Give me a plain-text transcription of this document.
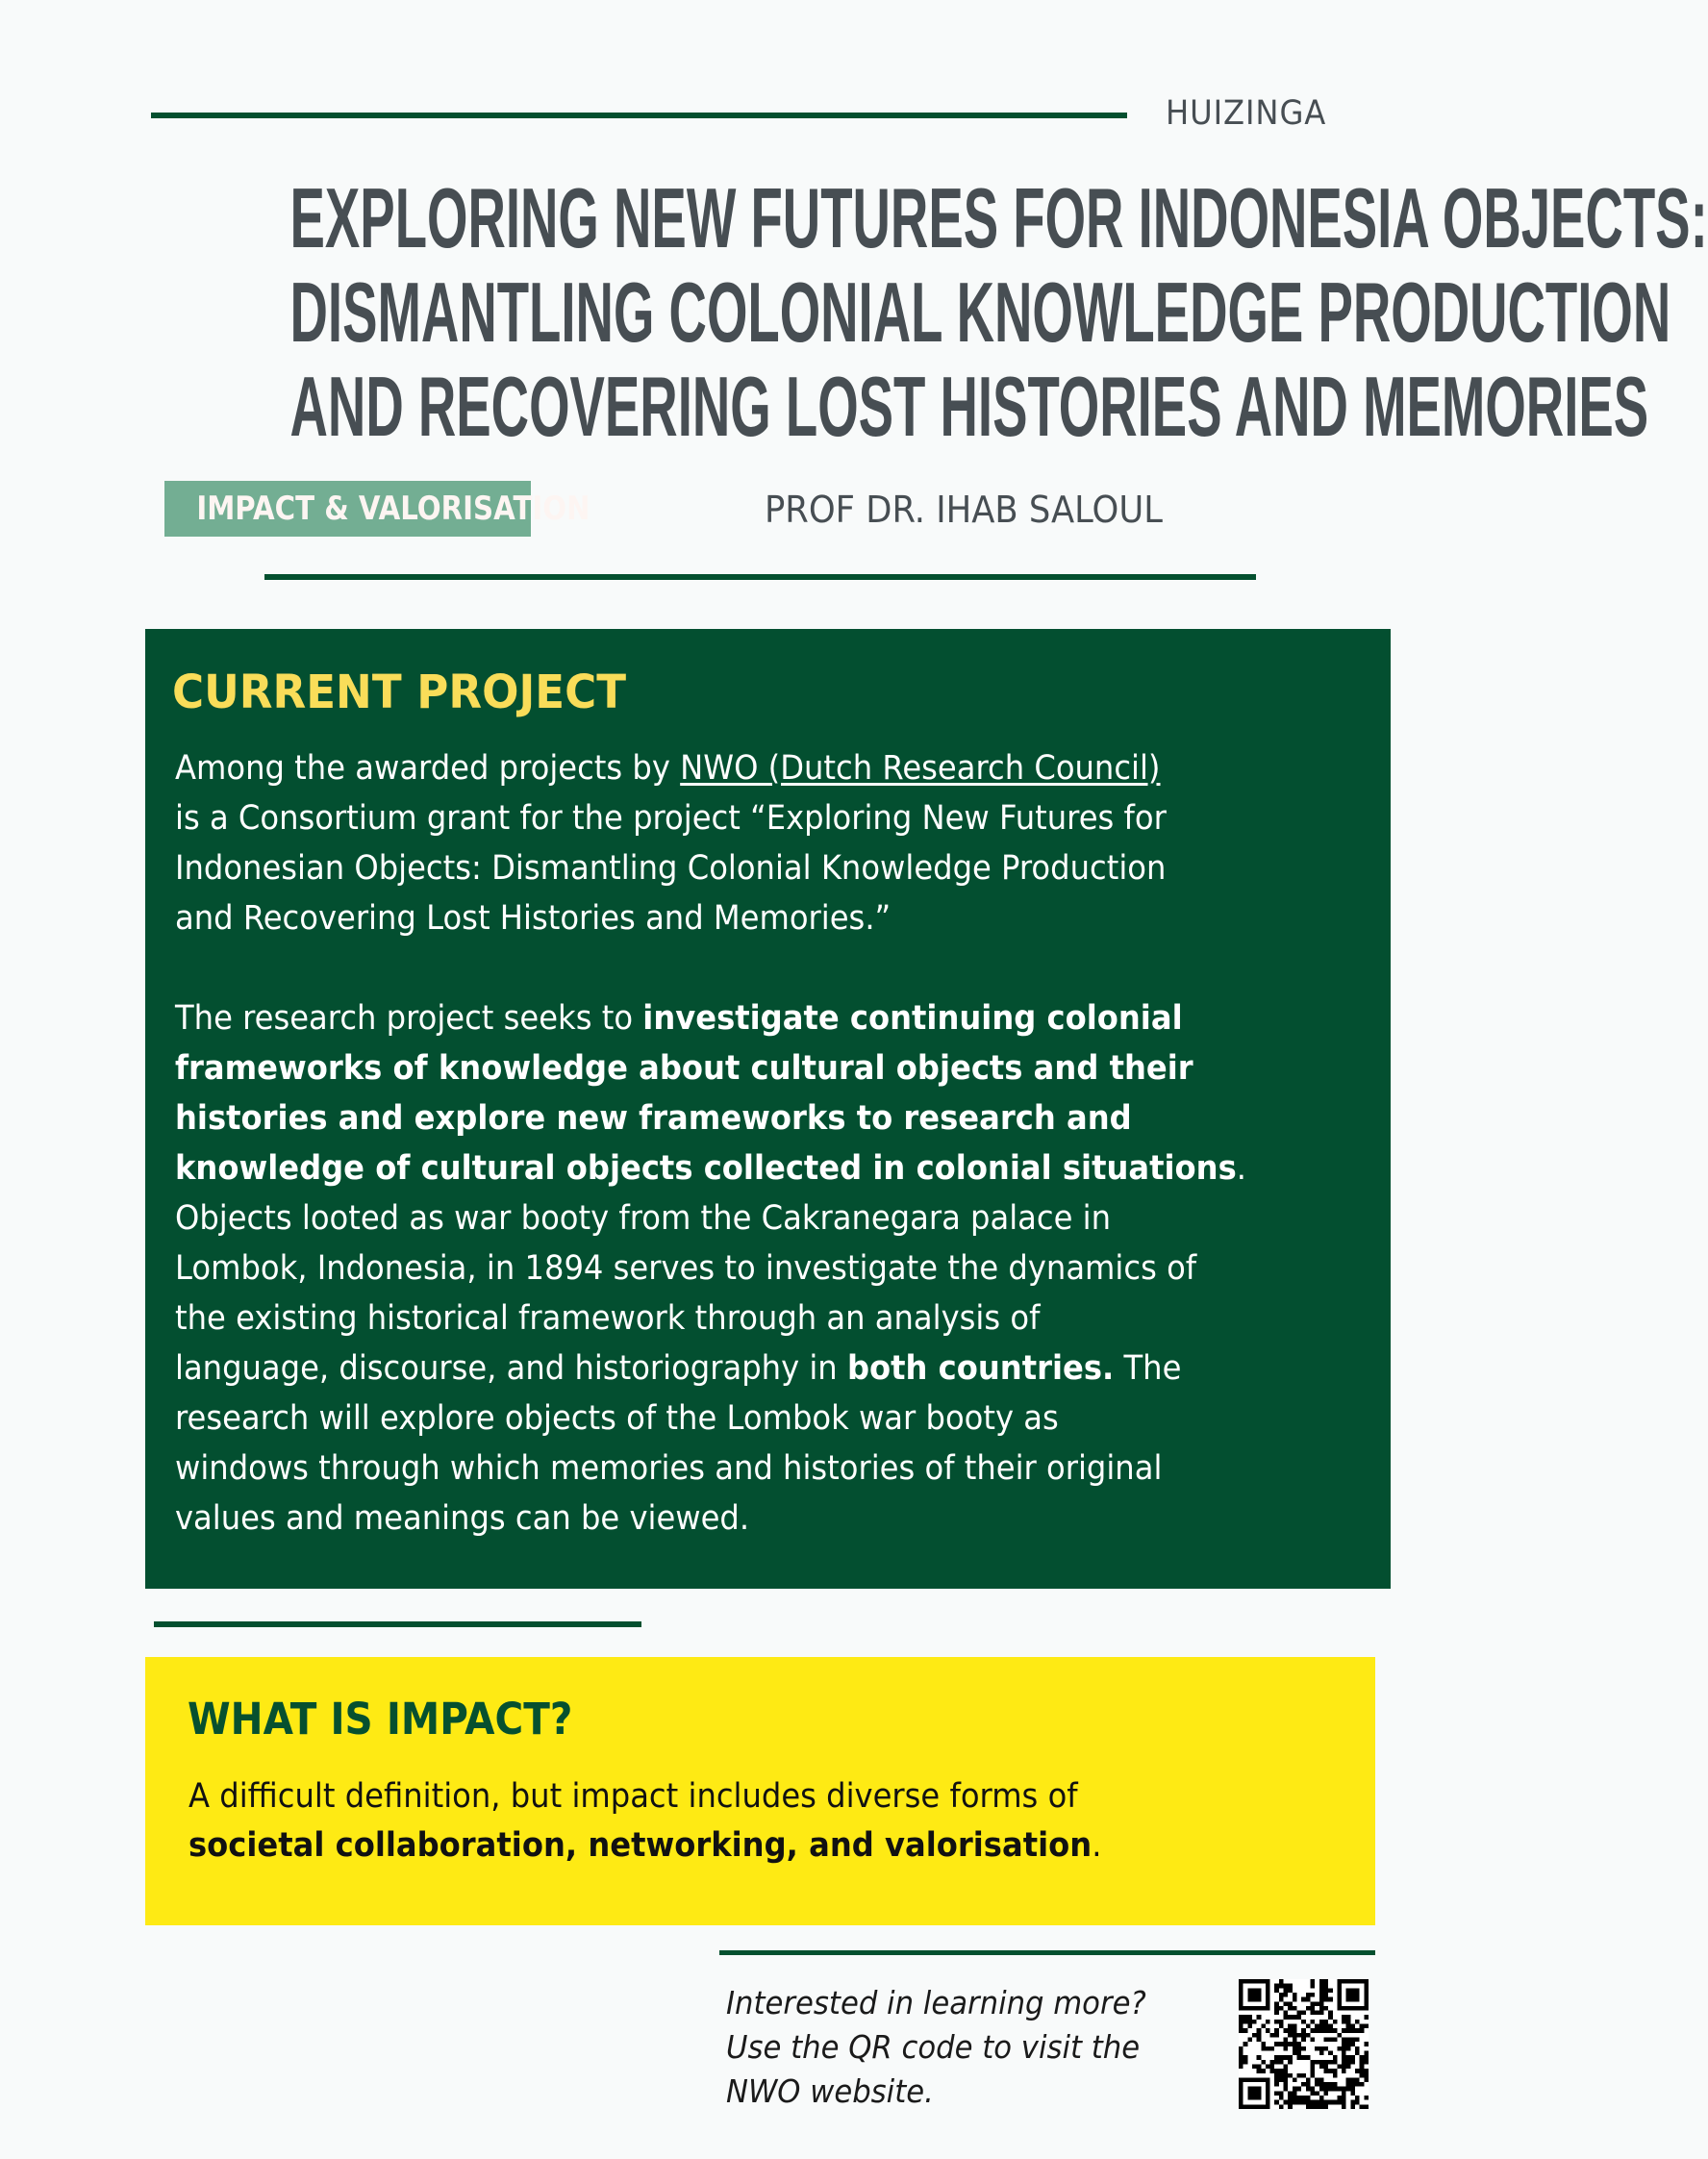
HUIZINGA
EXPLORING NEW FUTURES FOR INDONESIA OBJECTS:
DISMANTLING COLONIAL KNOWLEDGE PRODUCTION
AND RECOVERING LOST HISTORIES AND MEMORIES
IMPACT & VALORISATION	PROF DR. IHAB SALOUL
CURRENT PROJECT
Among the awarded projects by NWO (Dutch Research Council)
is a Consortium grant for the project “Exploring New Futures for
Indonesian Objects: Dismantling Colonial Knowledge Production
and Recovering Lost Histories and Memories.”
The research project seeks to investigate continuing colonial
frameworks of knowledge about cultural objects and their
histories and explore new frameworks to research and
knowledge of cultural objects collected in colonial situations.
Objects looted as war booty from the Cakranegara palace in
Lombok, Indonesia, in 1894 serves to investigate the dynamics of
the existing historical framework through an analysis of
language, discourse, and historiography in both countries. The
research will explore objects of the Lombok war booty as
windows through which memories and histories of their original
values and meanings can be viewed.
WHAT IS IMPACT?
A difficult definition, but impact includes diverse forms of
societal collaboration, networking, and valorisation.
Interested in learning more?
Use the QR code to visit the
NWO website.
